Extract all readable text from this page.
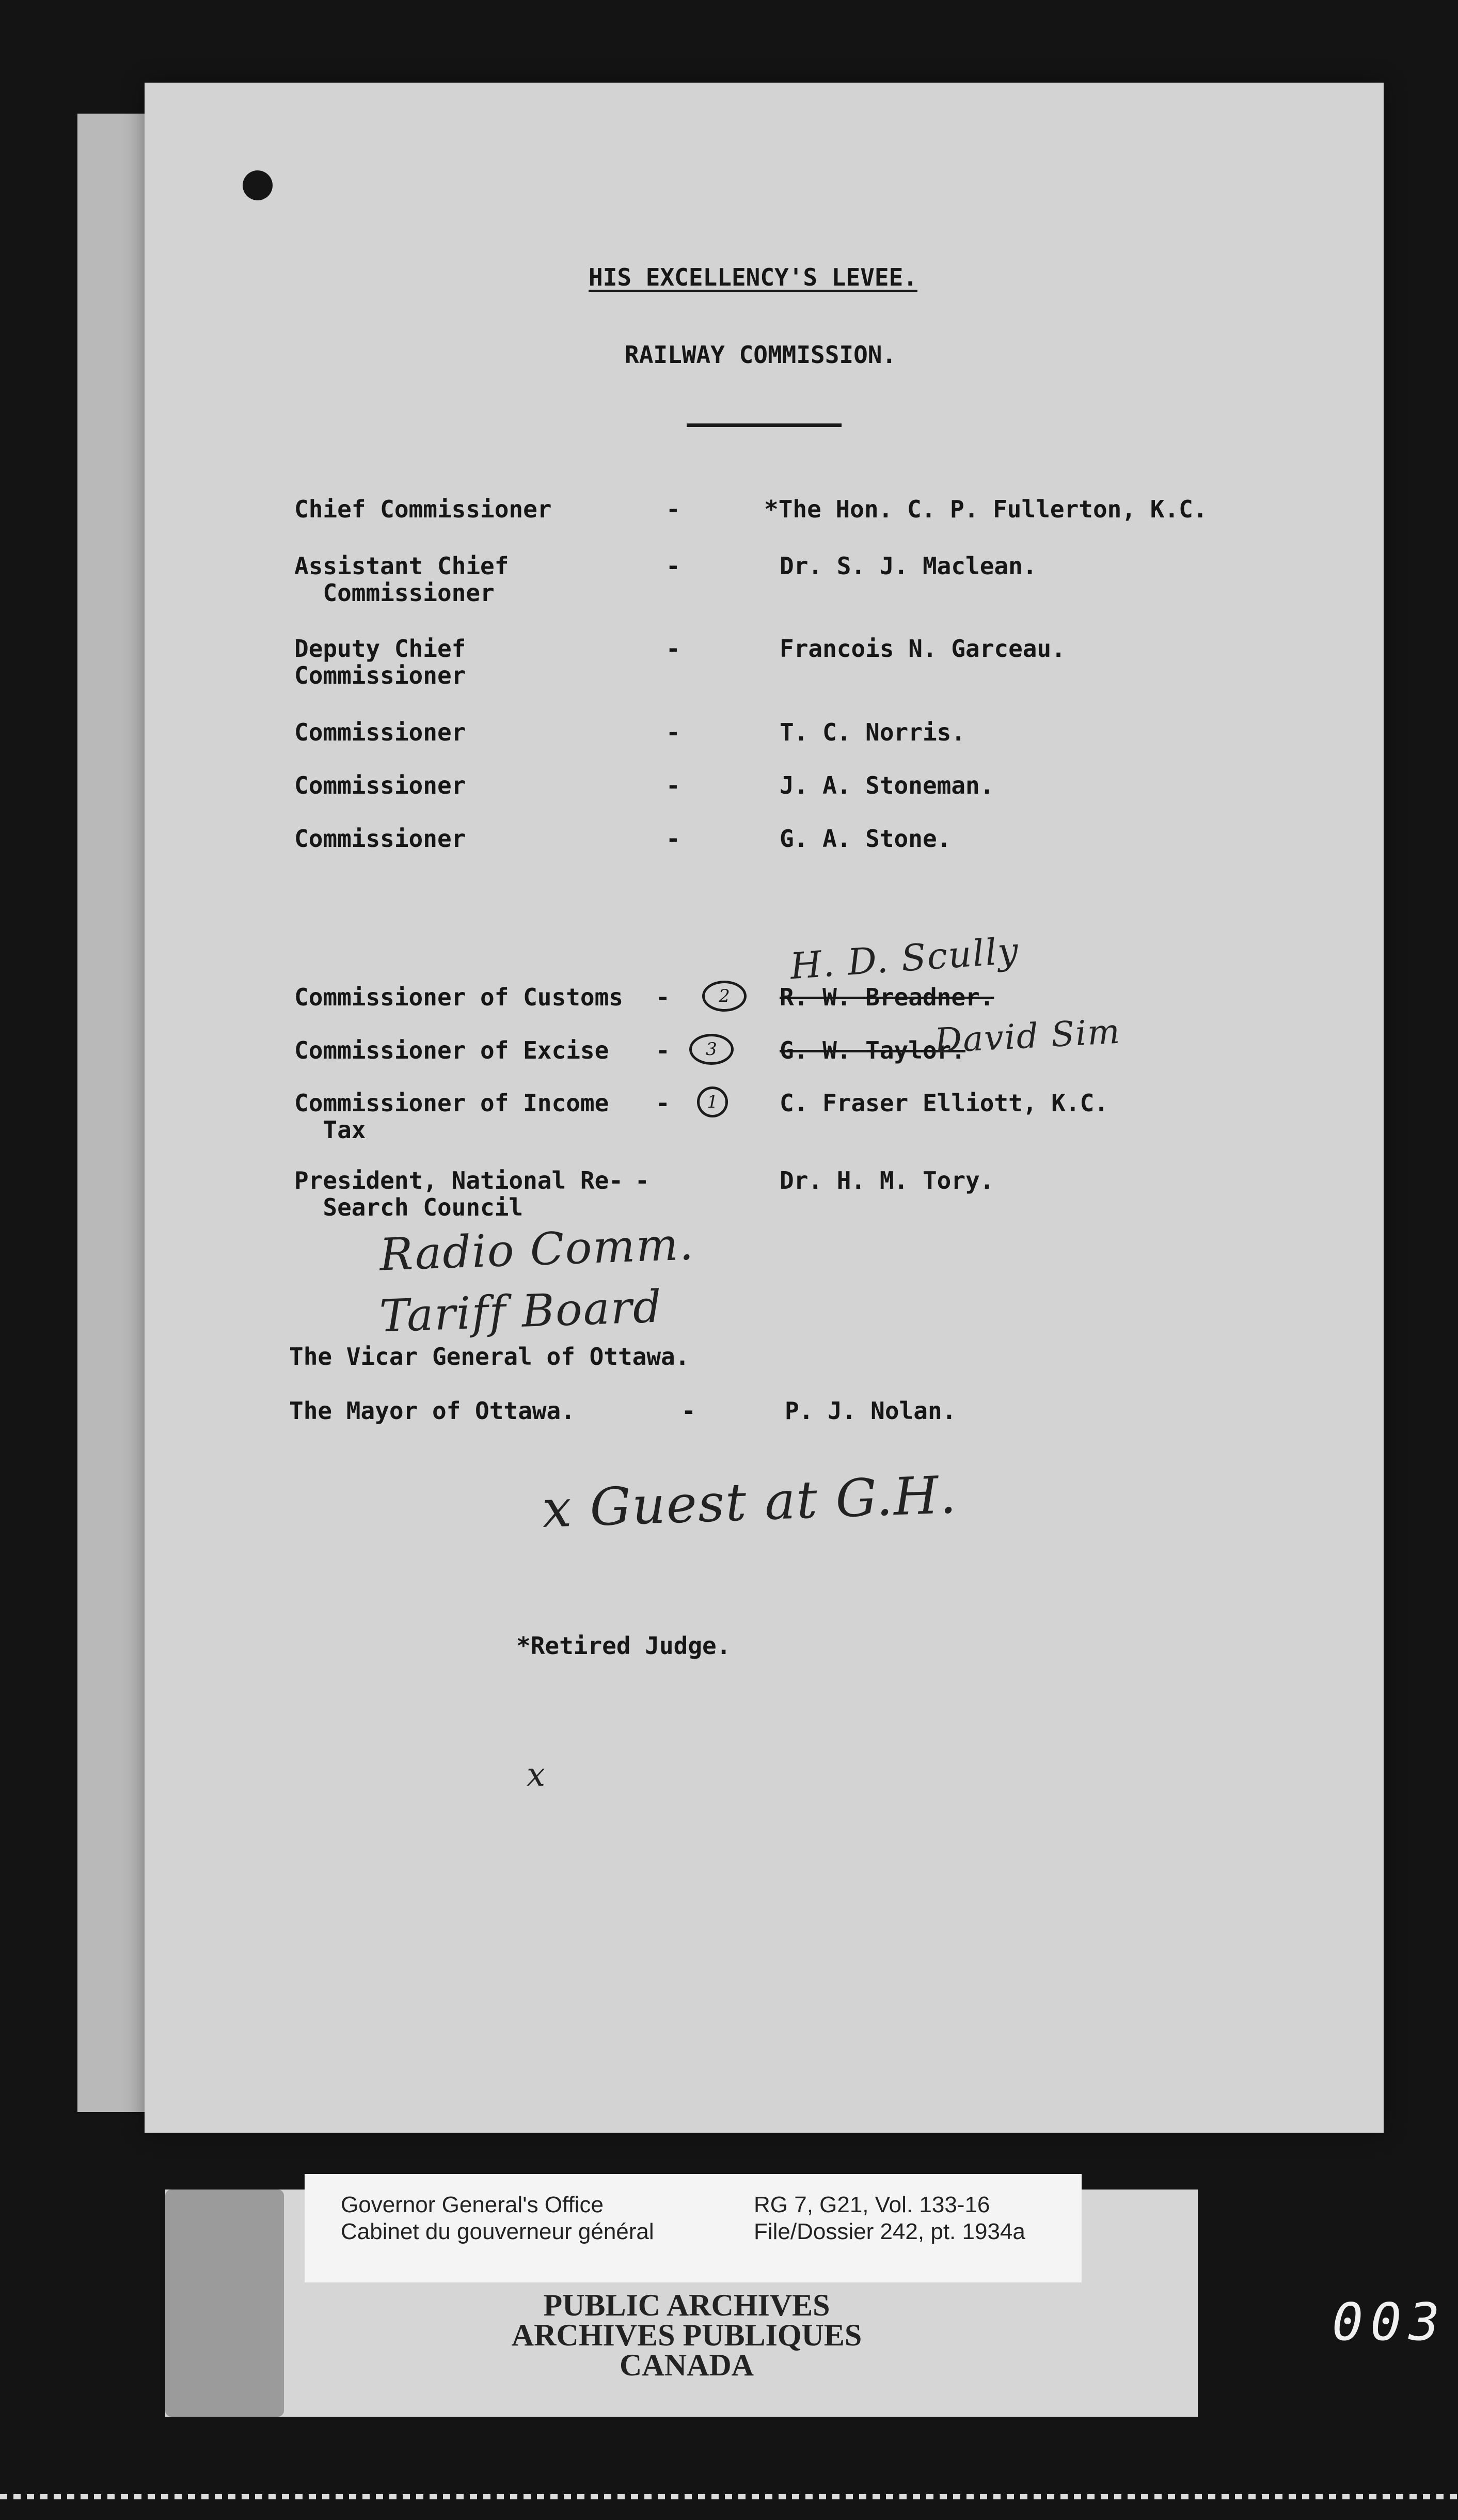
HIS EXCELLENCY'S LEVEE.
RAILWAY COMMISSION.
Chief Commissioner	-	*The Hon. C. P. Fullerton, K.C.
Assistant Chief
Commissioner
-	Dr. S. J. Maclean.
Deputy Chief
Commissioner
-	Francois N. Garceau.
Commissioner	-	T. C. Norris.
Commissioner	-	J. A. Stoneman.
Commissioner	-	G. A. Stone.
Commissioner of Customs -	2	R. W. Breadner.
H. D. Scully
Commissioner of Excise -	3	G. W. Taylor.
David Sim
Commissioner of Income
Tax
-	1	C. Fraser Elliott, K.C.
President, National Re-
Search Council
-	Dr. H. M. Tory.
Radio Comm.
Tariff Board
The Vicar General of Ottawa.
The Mayor of Ottawa.	-	P. J. Nolan.
x Guest at G.H.
*Retired Judge.
x
Governor General's Office
Cabinet du gouverneur général
RG 7, G21, Vol. 133-16
File/Dossier 242, pt. 1934a
PUBLIC ARCHIVES
ARCHIVES PUBLIQUES
CANADA
003
